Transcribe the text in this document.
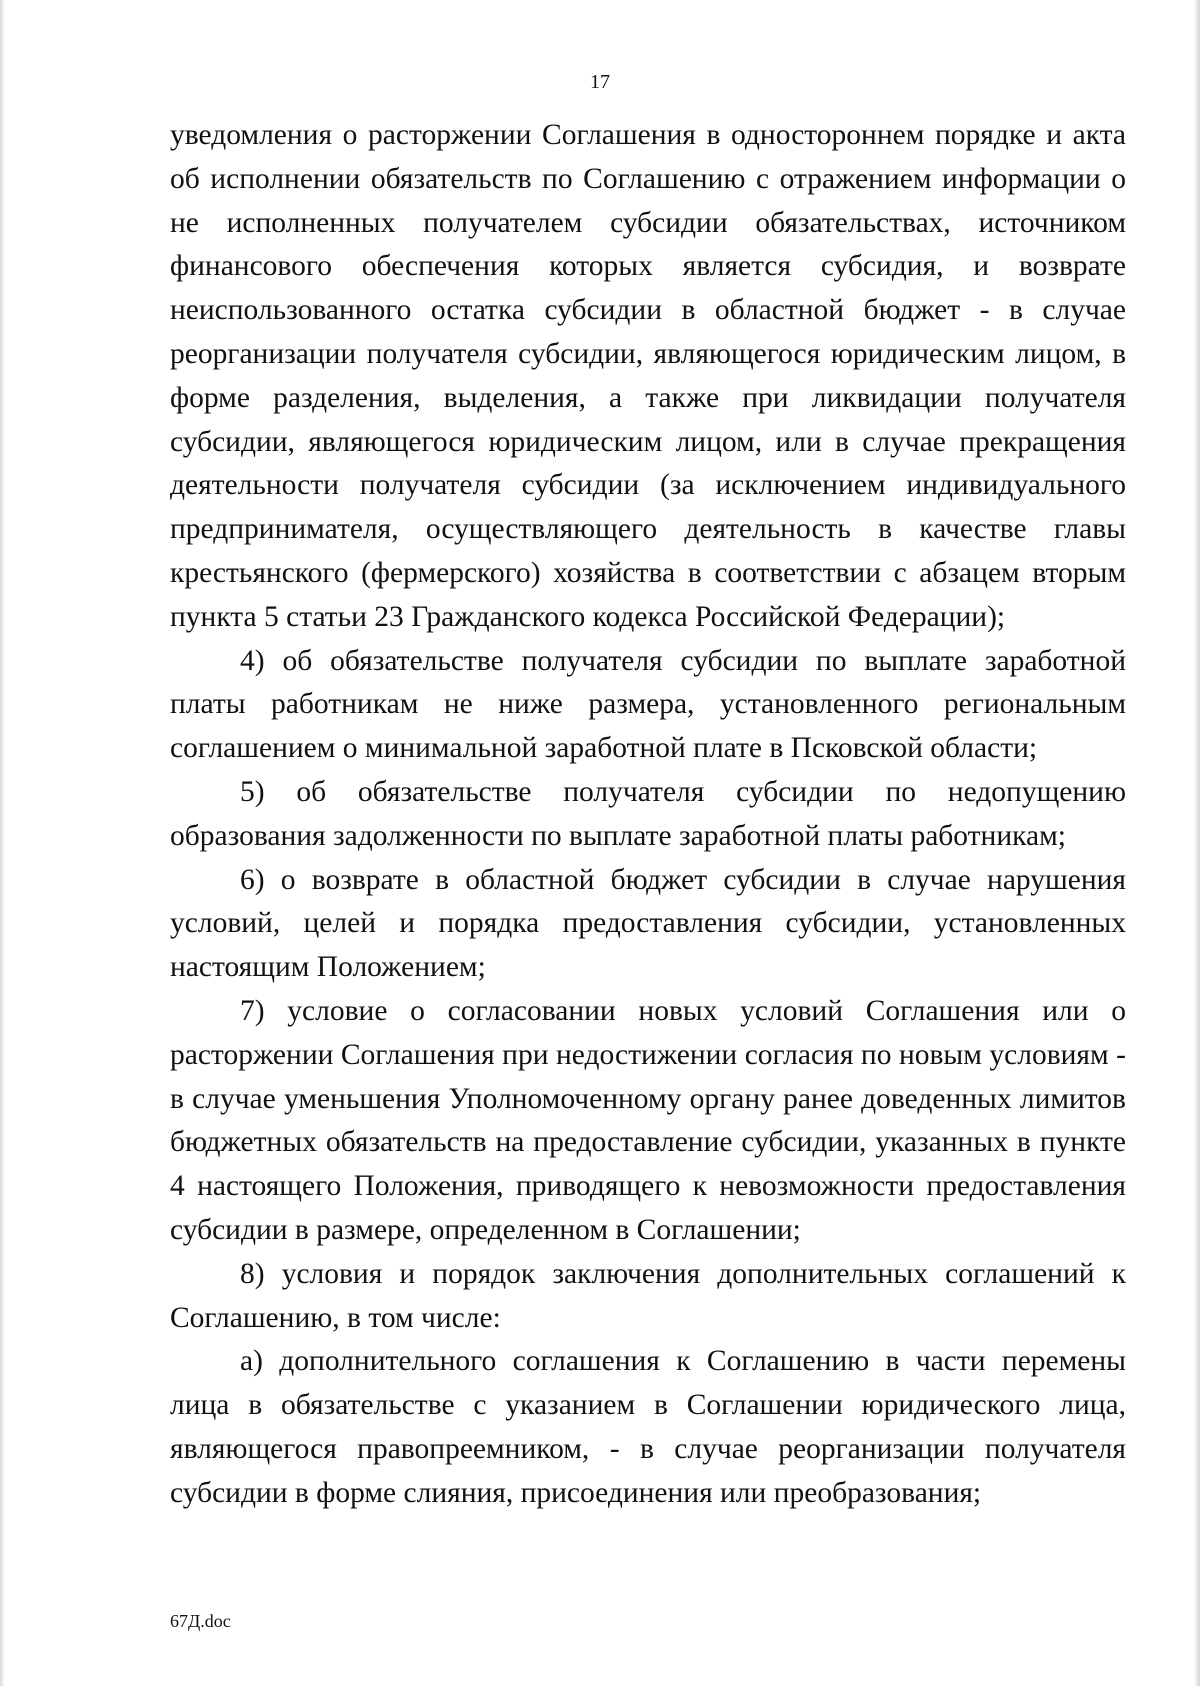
17

уведомления о расторжении Соглашения в одностороннем порядке и акта об исполнении обязательств по Соглашению с отражением информации о не исполненных получателем субсидии обязательствах, источником финансового обеспечения которых является субсидия, и возврате неиспользованного остатка субсидии в областной бюджет - в случае реорганизации получателя субсидии, являющегося юридическим лицом, в форме разделения, выделения, а также при ликвидации получателя субсидии, являющегося юридическим лицом, или в случае прекращения деятельности получателя субсидии (за исключением индивидуального предпринимателя, осуществляющего деятельность в качестве главы крестьянского (фермерского) хозяйства в соответствии с абзацем вторым пункта 5 статьи 23 Гражданского кодекса Российской Федерации);

4) об обязательстве получателя субсидии по выплате заработной платы работникам не ниже размера, установленного региональным соглашением о минимальной заработной плате в Псковской области;

5) об обязательстве получателя субсидии по недопущению образования задолженности по выплате заработной платы работникам;

6) о возврате в областной бюджет субсидии в случае нарушения условий, целей и порядка предоставления субсидии, установленных настоящим Положением;

7) условие о согласовании новых условий Соглашения или о расторжении Соглашения при недостижении согласия по новым условиям - в случае уменьшения Уполномоченному органу ранее доведенных лимитов бюджетных обязательств на предоставление субсидии, указанных в пункте 4 настоящего Положения, приводящего к невозможности предоставления субсидии в размере, определенном в Соглашении;

8) условия и порядок заключения дополнительных соглашений к Соглашению, в том числе:

а) дополнительного соглашения к Соглашению в части перемены лица в обязательстве с указанием в Соглашении юридического лица, являющегося правопреемником, - в случае реорганизации получателя субсидии в форме слияния, присоединения или преобразования;

67Д.doc
